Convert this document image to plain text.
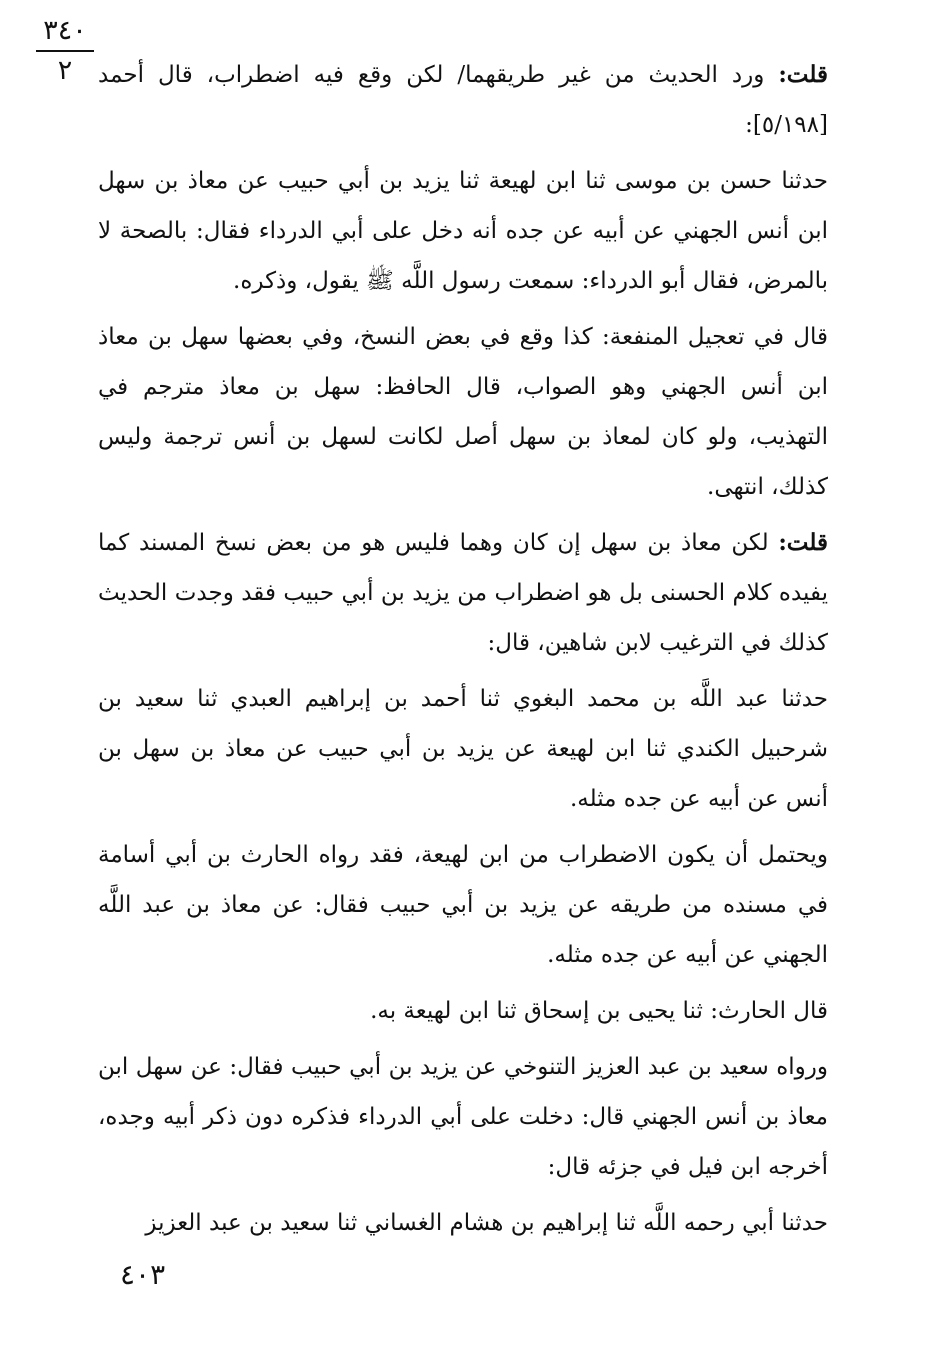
٣٤٠
٢	قلت: ورد الحديث من غير طريقهما/ لكن وقع فيه اضطراب، قال أحمد [٥/١٩٨]:

حدثنا حسن بن موسى ثنا ابن لهيعة ثنا يزيد بن أبي حبيب عن معاذ بن سهل ابن أنس الجهني عن أبيه عن جده أنه دخل على أبي الدرداء فقال: بالصحة لا بالمرض، فقال أبو الدرداء: سمعت رسول اللَّه ﷺ يقول، وذكره.

قال في تعجيل المنفعة: كذا وقع في بعض النسخ، وفي بعضها سهل بن معاذ ابن أنس الجهني وهو الصواب، قال الحافظ: سهل بن معاذ مترجم في التهذيب، ولو كان لمعاذ بن سهل أصل لكانت لسهل بن أنس ترجمة وليس كذلك، انتهى.

قلت: لكن معاذ بن سهل إن كان وهما فليس هو من بعض نسخ المسند كما يفيده كلام الحسنى بل هو اضطراب من يزيد بن أبي حبيب فقد وجدت الحديث كذلك في الترغيب لابن شاهين، قال:

حدثنا عبد اللَّه بن محمد البغوي ثنا أحمد بن إبراهيم العبدي ثنا سعيد بن شرحبيل الكندي ثنا ابن لهيعة عن يزيد بن أبي حبيب عن معاذ بن سهل بن أنس عن أبيه عن جده مثله.

ويحتمل أن يكون الاضطراب من ابن لهيعة، فقد رواه الحارث بن أبي أسامة في مسنده من طريقه عن يزيد بن أبي حبيب فقال: عن معاذ بن عبد اللَّه الجهني عن أبيه عن جده مثله.

قال الحارث: ثنا يحيى بن إسحاق ثنا ابن لهيعة به.

ورواه سعيد بن عبد العزيز التنوخي عن يزيد بن أبي حبيب فقال: عن سهل ابن معاذ بن أنس الجهني قال: دخلت على أبي الدرداء فذكره دون ذكر أبيه وجده، أخرجه ابن فيل في جزئه قال:

حدثنا أبي رحمه اللَّه ثنا إبراهيم بن هشام الغساني ثنا سعيد بن عبد العزيز

٤٠٣
